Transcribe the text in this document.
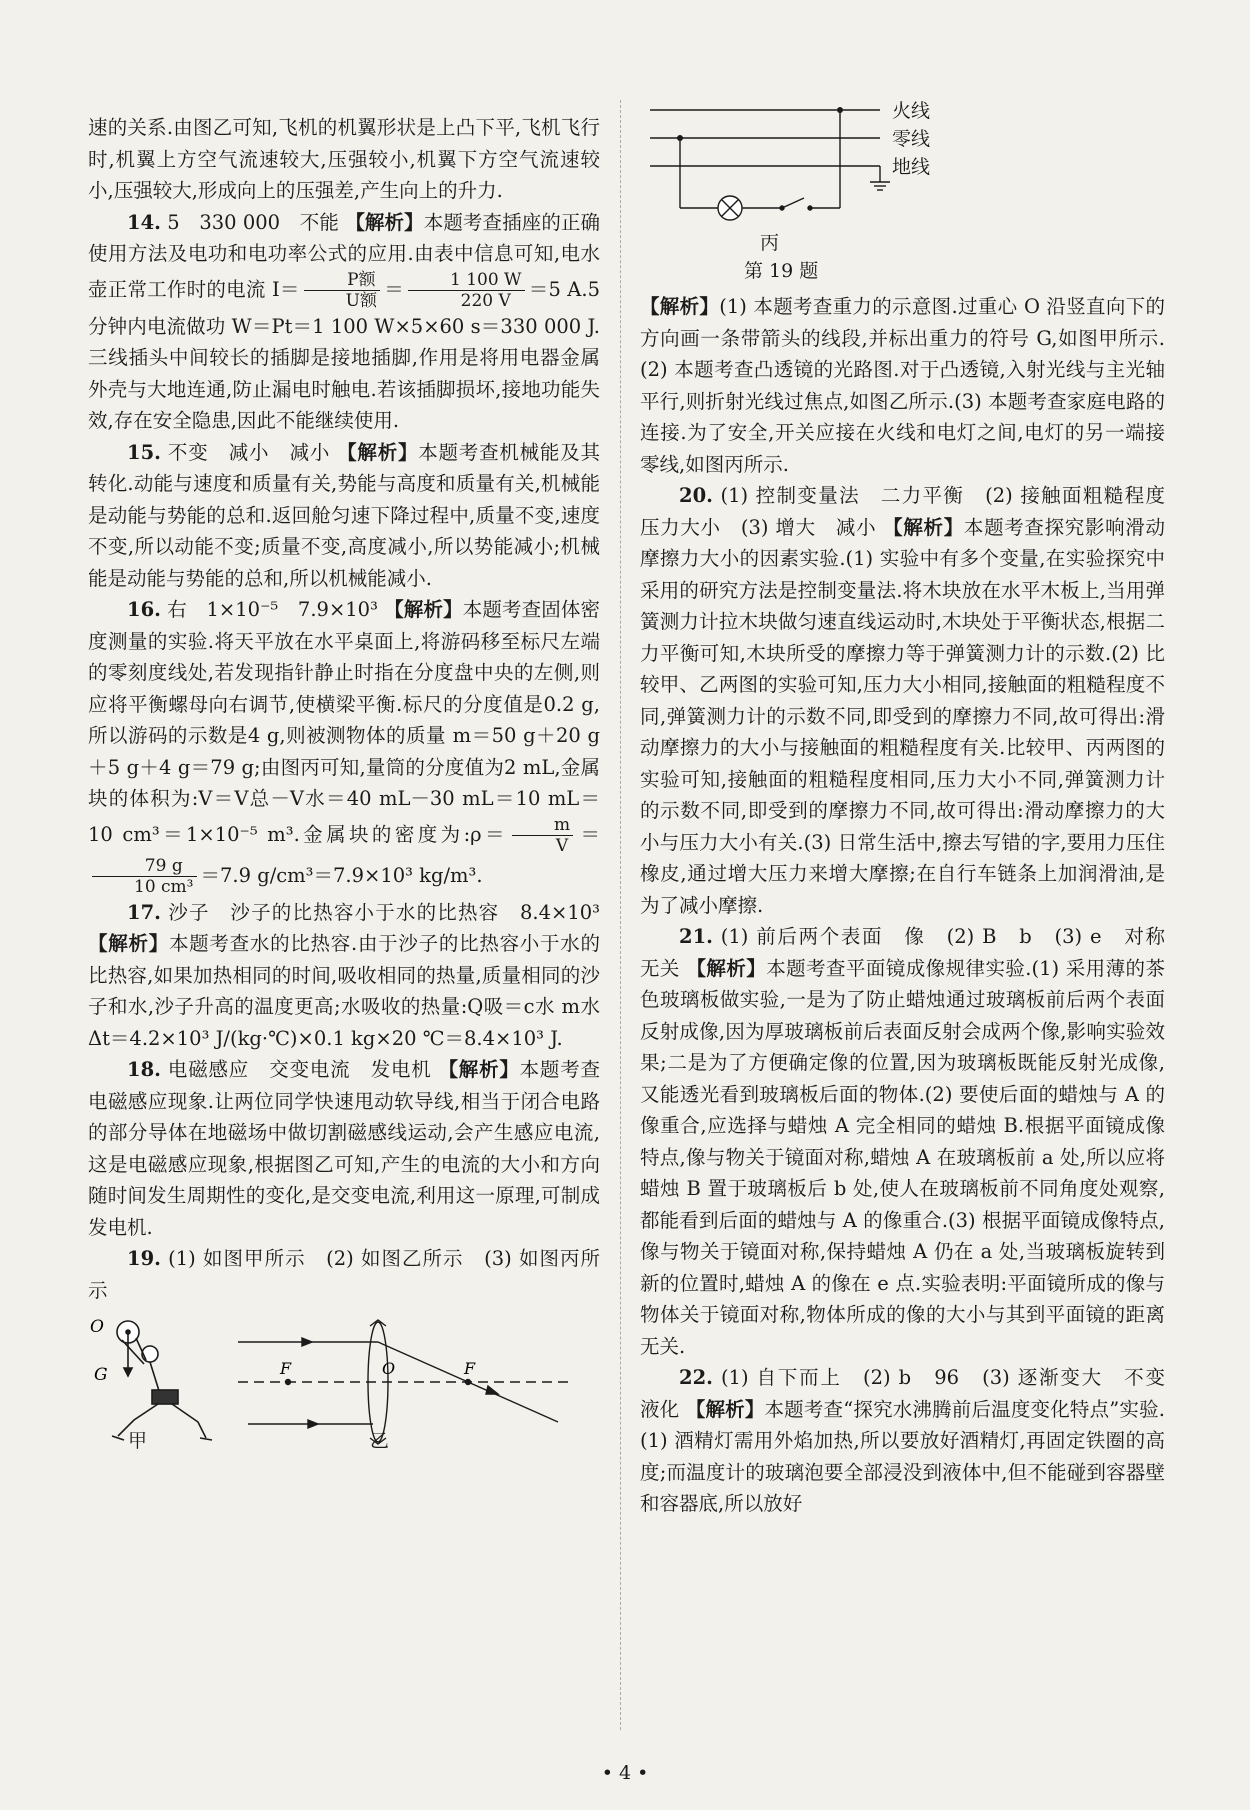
速的关系.由图乙可知,飞机的机翼形状是上凸下平,飞机飞行时,机翼上方空气流速较大,压强较小,机翼下方空气流速较小,压强较大,形成向上的压强差,产生向上的升力.

14. 5　330 000　不能 【解析】本题考查插座的正确使用方法及电功和电功率公式的应用.由表中信息可知,电水壶正常工作时的电流 $I= \frac{\text{P额}}{\text{U额}} = \frac{1 100 W}{220 V} =5$ A.5分钟内电流做功 W＝Pt＝1 100 W×5×60 s＝330 000 J.三线插头中间较长的插脚是接地插脚,作用是将用电器金属外壳与大地连通,防止漏电时触电.若该插脚损坏,接地功能失效,存在安全隐患,因此不能继续使用.

15. 不变　减小　减小 【解析】本题考查机械能及其转化.动能与速度和质量有关,势能与高度和质量有关,机械能是动能与势能的总和.返回舱匀速下降过程中,质量不变,速度不变,所以动能不变;质量不变,高度减小,所以势能减小;机械能是动能与势能的总和,所以机械能减小.

16. 右　1×10⁻⁵　7.9×10³ 【解析】本题考查固体密度测量的实验.将天平放在水平桌面上,将游码移至标尺左端的零刻度线处,若发现指针静止时指在分度盘中央的左侧,则应将平衡螺母向右调节,使横梁平衡.标尺的分度值是0.2 g,所以游码的示数是4 g,则被测物体的质量 m＝50 g＋20 g＋5 g＋4 g＝79 g;由图丙可知,量筒的分度值为2 mL,金属块的体积为:V＝V总－V水＝40 mL－30 mL＝10 mL＝10 cm³＝1×10⁻⁵ m³.金属块的密度为:ρ＝ $\frac{m}{V}$ ＝
$\frac{79 g}{\text{10 cm³}} =7.9$ g/cm³＝7.9×10³ kg/m³.

17. 沙子　沙子的比热容小于水的比热容　8.4×10³ 【解析】本题考查水的比热容.由于沙子的比热容小于水的比热容,如果加热相同的时间,吸收相同的热量,质量相同的沙子和水,沙子升高的温度更高;水吸收的热量:Q吸＝c水 m水 Δt＝4.2×10³ J/(kg·℃)×0.1 kg×20 ℃＝8.4×10³ J.

18. 电磁感应　交变电流　发电机 【解析】本题考查电磁感应现象.让两位同学快速甩动软导线,相当于闭合电路的部分导体在地磁场中做切割磁感线运动,会产生感应电流,这是电磁感应现象,根据图乙可知,产生的电流的大小和方向随时间发生周期性的变化,是交变电流,利用这一原理,可制成发电机.

19. (1) 如图甲所示　(2) 如图乙所示　(3) 如图丙所示

O
G	F	O	F
甲	乙
火线
零线
地线
丙
第 19 题

【解析】(1) 本题考查重力的示意图.过重心 O 沿竖直向下的方向画一条带箭头的线段,并标出重力的符号 G,如图甲所示.(2) 本题考查凸透镜的光路图.对于凸透镜,入射光线与主光轴平行,则折射光线过焦点,如图乙所示.(3) 本题考查家庭电路的连接.为了安全,开关应接在火线和电灯之间,电灯的另一端接零线,如图丙所示.

20. (1) 控制变量法　二力平衡　(2) 接触面粗糙程度　压力大小　(3) 增大　减小 【解析】本题考查探究影响滑动摩擦力大小的因素实验.(1) 实验中有多个变量,在实验探究中采用的研究方法是控制变量法.将木块放在水平木板上,当用弹簧测力计拉木块做匀速直线运动时,木块处于平衡状态,根据二力平衡可知,木块所受的摩擦力等于弹簧测力计的示数.(2) 比较甲、乙两图的实验可知,压力大小相同,接触面的粗糙程度不同,弹簧测力计的示数不同,即受到的摩擦力不同,故可得出:滑动摩擦力的大小与接触面的粗糙程度有关.比较甲、丙两图的实验可知,接触面的粗糙程度相同,压力大小不同,弹簧测力计的示数不同,即受到的摩擦力不同,故可得出:滑动摩擦力的大小与压力大小有关.(3) 日常生活中,擦去写错的字,要用力压住橡皮,通过增大压力来增大摩擦;在自行车链条上加润滑油,是为了减小摩擦.

21. (1) 前后两个表面　像　(2) B　b　(3) e　对称　无关 【解析】本题考查平面镜成像规律实验.(1) 采用薄的茶色玻璃板做实验,一是为了防止蜡烛通过玻璃板前后两个表面反射成像,因为厚玻璃板前后表面反射会成两个像,影响实验效果;二是为了方便确定像的位置,因为玻璃板既能反射光成像,又能透光看到玻璃板后面的物体.(2) 要使后面的蜡烛与 A 的像重合,应选择与蜡烛 A 完全相同的蜡烛 B.根据平面镜成像特点,像与物关于镜面对称,蜡烛 A 在玻璃板前 a 处,所以应将蜡烛 B 置于玻璃板后 b 处,使人在玻璃板前不同角度处观察,都能看到后面的蜡烛与 A 的像重合.(3) 根据平面镜成像特点,像与物关于镜面对称,保持蜡烛 A 仍在 a 处,当玻璃板旋转到新的位置时,蜡烛 A 的像在 e 点.实验表明:平面镜所成的像与物体关于镜面对称,物体所成的像的大小与其到平面镜的距离无关.

22. (1) 自下而上　(2) b　96　(3) 逐渐变大　不变　液化 【解析】本题考查“探究水沸腾前后温度变化特点”实验.(1) 酒精灯需用外焰加热,所以要放好酒精灯,再固定铁圈的高度;而温度计的玻璃泡要全部浸没到液体中,但不能碰到容器壁和容器底,所以放好

• 4 •
